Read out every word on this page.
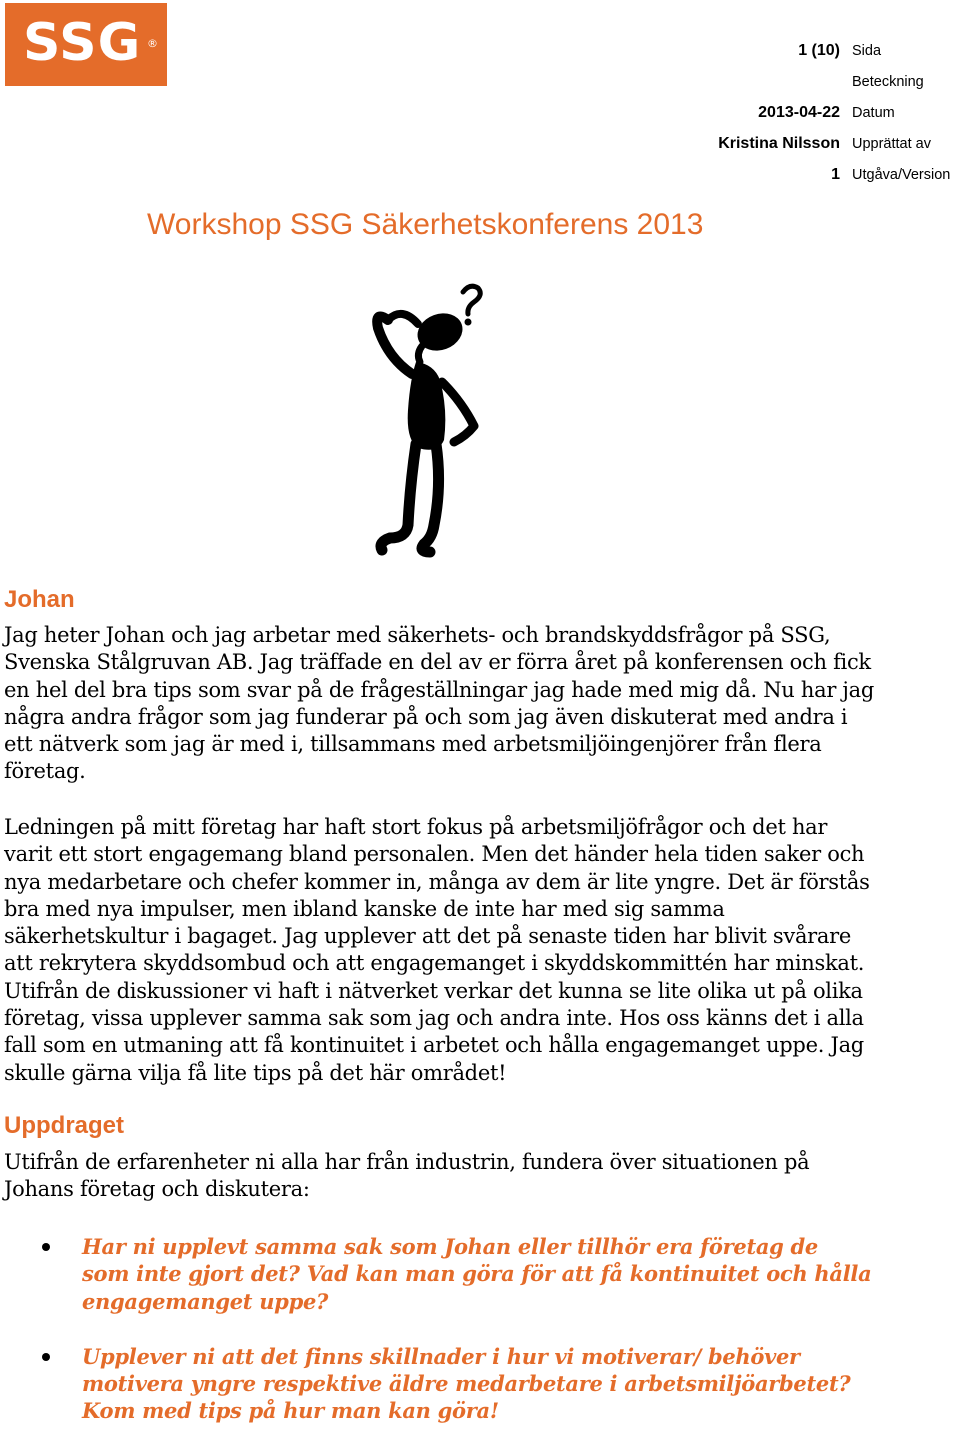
SSG ®	1 (10) Sida
Beteckning
2013-04-22 Datum
Kristina Nilsson Upprättat av
1 Utgåva/Version
Workshop SSG Säkerhetskonferens 2013
Johan
Jag heter Johan och jag arbetar med säkerhets- och brandskyddsfrågor på SSG, Svenska Stålgruvan AB. Jag träffade en del av er förra året på konferensen och fick en hel del bra tips som svar på de frågeställningar jag hade med mig då. Nu har jag några andra frågor som jag funderar på och som jag även diskuterat med andra i ett nätverk som jag är med i, tillsammans med arbetsmiljöingenjörer från flera företag.
Ledningen på mitt företag har haft stort fokus på arbetsmiljöfrågor och det har varit ett stort engagemang bland personalen. Men det händer hela tiden saker och nya medarbetare och chefer kommer in, många av dem är lite yngre. Det är förstås bra med nya impulser, men ibland kanske de inte har med sig samma säkerhetskultur i bagaget. Jag upplever att det på senaste tiden har blivit svårare att rekrytera skyddsombud och att engagemanget i skyddskommittén har minskat. Utifrån de diskussioner vi haft i nätverket verkar det kunna se lite olika ut på olika företag, vissa upplever samma sak som jag och andra inte. Hos oss känns det i alla fall som en utmaning att få kontinuitet i arbetet och hålla engagemanget uppe. Jag skulle gärna vilja få lite tips på det här området!
Uppdraget
Utifrån de erfarenheter ni alla har från industrin, fundera över situationen på Johans företag och diskutera:
Har ni upplevt samma sak som Johan eller tillhör era företag de som inte gjort det? Vad kan man göra för att få kontinuitet och hålla engagemanget uppe?
Upplever ni att det finns skillnader i hur vi motiverar/ behöver motivera yngre respektive äldre medarbetare i arbetsmiljöarbetet? Kom med tips på hur man kan göra!
